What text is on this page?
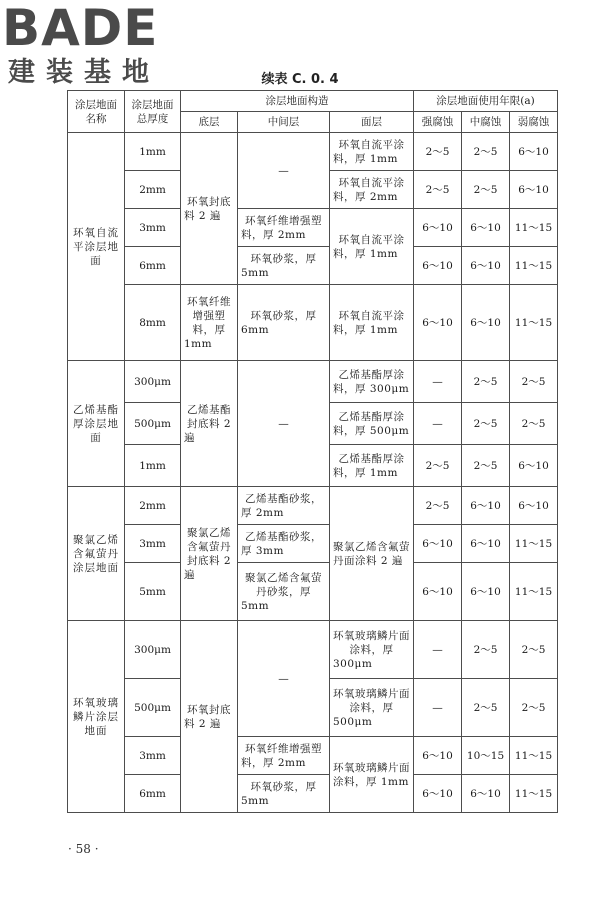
BADE
建装基地	续表 C. 0. 4
涂层地面名称	涂层地面总厚度	涂层地面构造			涂层地面使用年限(a)		
		底层	中间层	面层	强腐蚀	中腐蚀	弱腐蚀
环氧自流平涂层地面	1mm	环氧封底料 2 遍	—	环氧自流平涂料，厚 1mm	2～5	2～5	6～10
	2mm			环氧自流平涂料，厚 2mm	2～5	2～5	6～10
	3mm		环氧纤维增强塑料，厚 2mm	环氧自流平涂料，厚 1mm	6～10	6～10	11～15
	6mm		环氧砂浆，厚 5mm		6～10	6～10	11～15
	8mm	环氧纤维增强塑料，厚 1mm	环氧砂浆，厚 6mm	环氧自流平涂料，厚 1mm	6～10	6～10	11～15
乙烯基酯厚涂层地面	300μm	乙烯基酯封底料 2 遍	—	乙烯基酯厚涂料，厚 300μm	—	2～5	2～5
	500μm			乙烯基酯厚涂料，厚 500μm	—	2～5	2～5
	1mm			乙烯基酯厚涂料，厚 1mm	2～5	2～5	6～10
聚氯乙烯含氟萤丹涂层地面	2mm	聚氯乙烯含氟萤丹封底料 2 遍	乙烯基酯砂浆，厚 2mm	聚氯乙烯含氟萤丹面涂料 2 遍	2～5	6～10	6～10
	3mm		乙烯基酯砂浆，厚 3mm		6～10	6～10	11～15
	5mm		聚氯乙烯含氟萤丹砂浆，厚 5mm		6～10	6～10	11～15
环氧玻璃鳞片涂层地面	300μm	环氧封底料 2 遍	—	环氧玻璃鳞片面涂料，厚 300μm	—	2～5	2～5
	500μm			环氧玻璃鳞片面涂料，厚 500μm	—	2～5	2～5
	3mm		环氧纤维增强塑料，厚 2mm	环氧玻璃鳞片面涂料，厚 1mm	6～10	10～15	11～15
	6mm		环氧砂浆，厚 5mm		6～10	6～10	11～15
· 58 ·
